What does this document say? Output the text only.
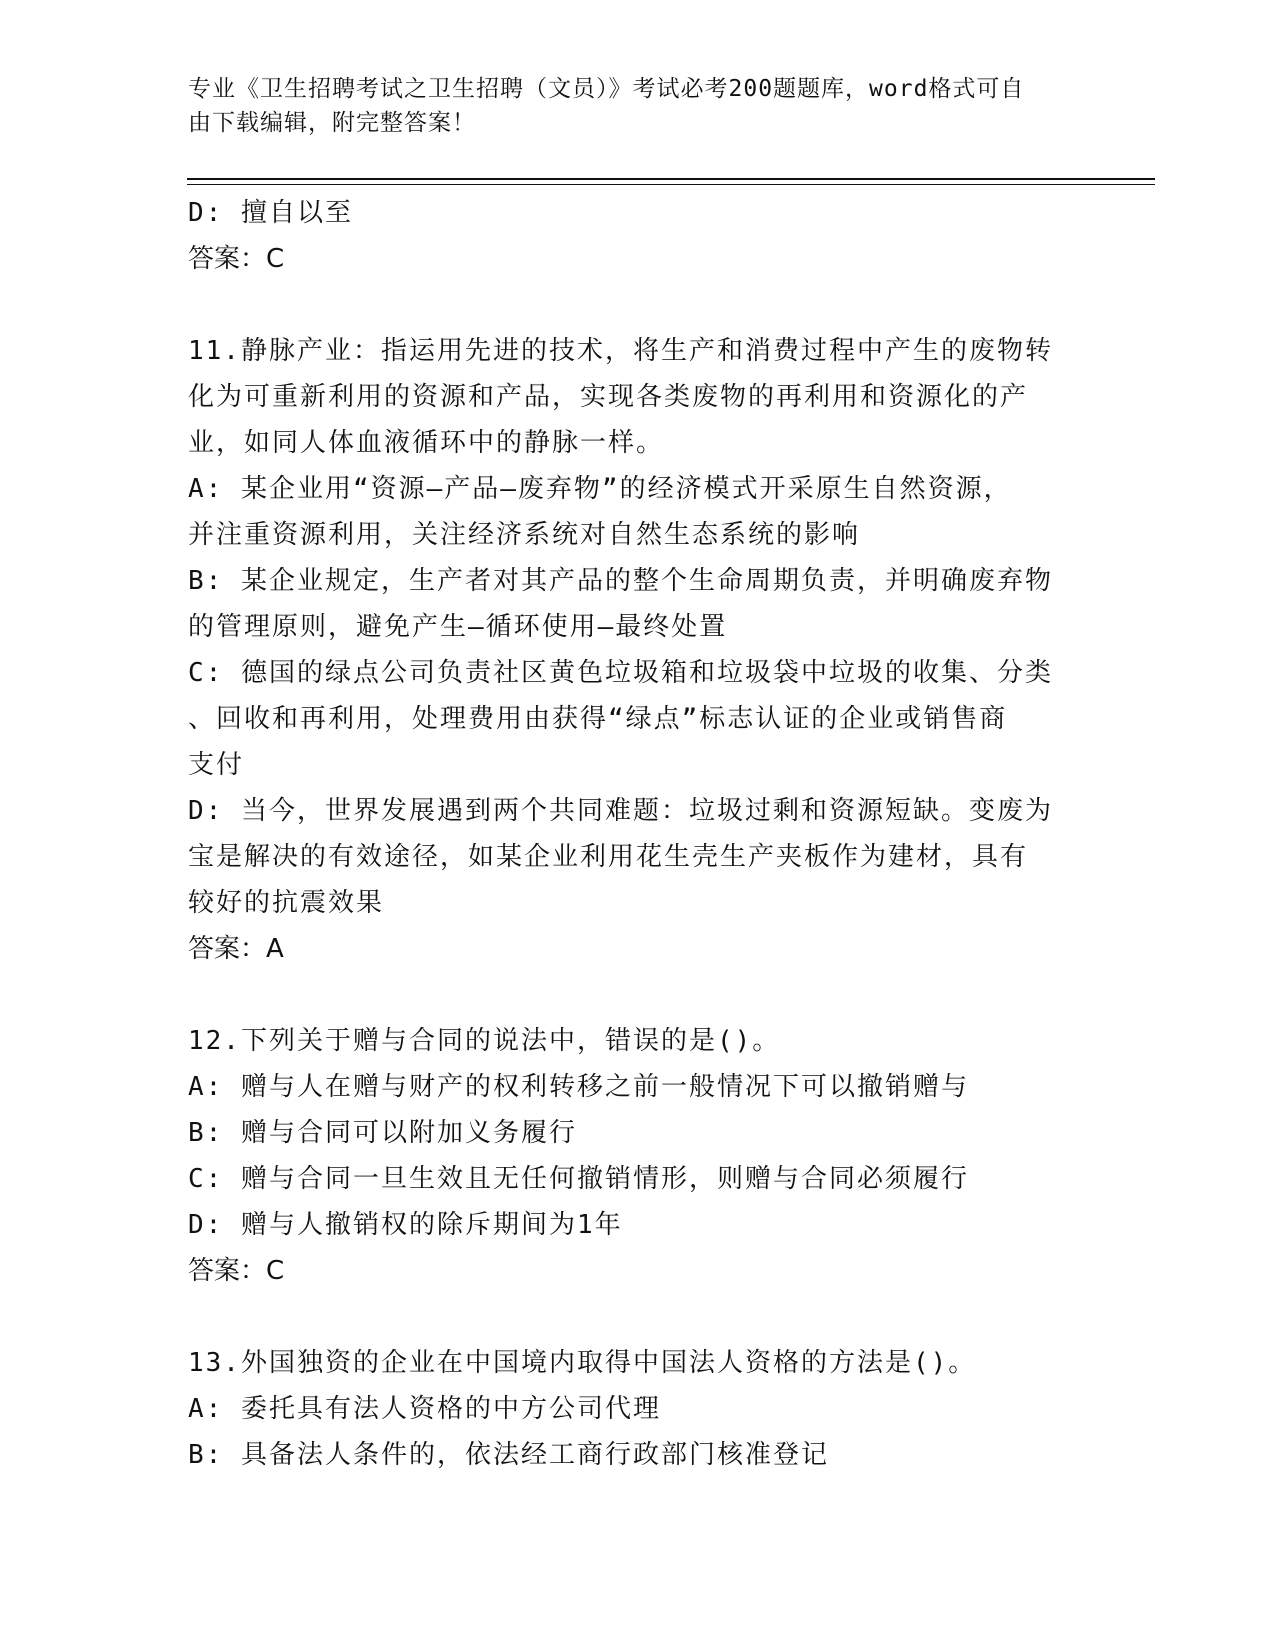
专业《卫生招聘考试之卫生招聘（文员）》考试必考200题题库，word格式可自
由下载编辑，附完整答案！
D: 擅自以至
答案：C
11.静脉产业：指运用先进的技术，将生产和消费过程中产生的废物转
化为可重新利用的资源和产品，实现各类废物的再利用和资源化的产
业，如同人体血液循环中的静脉一样。
A: 某企业用“资源—产品—废弃物”的经济模式开采原生自然资源，
并注重资源利用，关注经济系统对自然生态系统的影响
B: 某企业规定，生产者对其产品的整个生命周期负责，并明确废弃物
的管理原则，避免产生—循环使用—最终处置
C: 德国的绿点公司负责社区黄色垃圾箱和垃圾袋中垃圾的收集、分类
、回收和再利用，处理费用由获得“绿点”标志认证的企业或销售商
支付
D: 当今，世界发展遇到两个共同难题：垃圾过剩和资源短缺。变废为
宝是解决的有效途径，如某企业利用花生壳生产夹板作为建材，具有
较好的抗震效果
答案：A
12.下列关于赠与合同的说法中，错误的是()。
A: 赠与人在赠与财产的权利转移之前一般情况下可以撤销赠与
B: 赠与合同可以附加义务履行
C: 赠与合同一旦生效且无任何撤销情形，则赠与合同必须履行
D: 赠与人撤销权的除斥期间为1年
答案：C
13.外国独资的企业在中国境内取得中国法人资格的方法是()。
A: 委托具有法人资格的中方公司代理
B: 具备法人条件的，依法经工商行政部门核准登记
